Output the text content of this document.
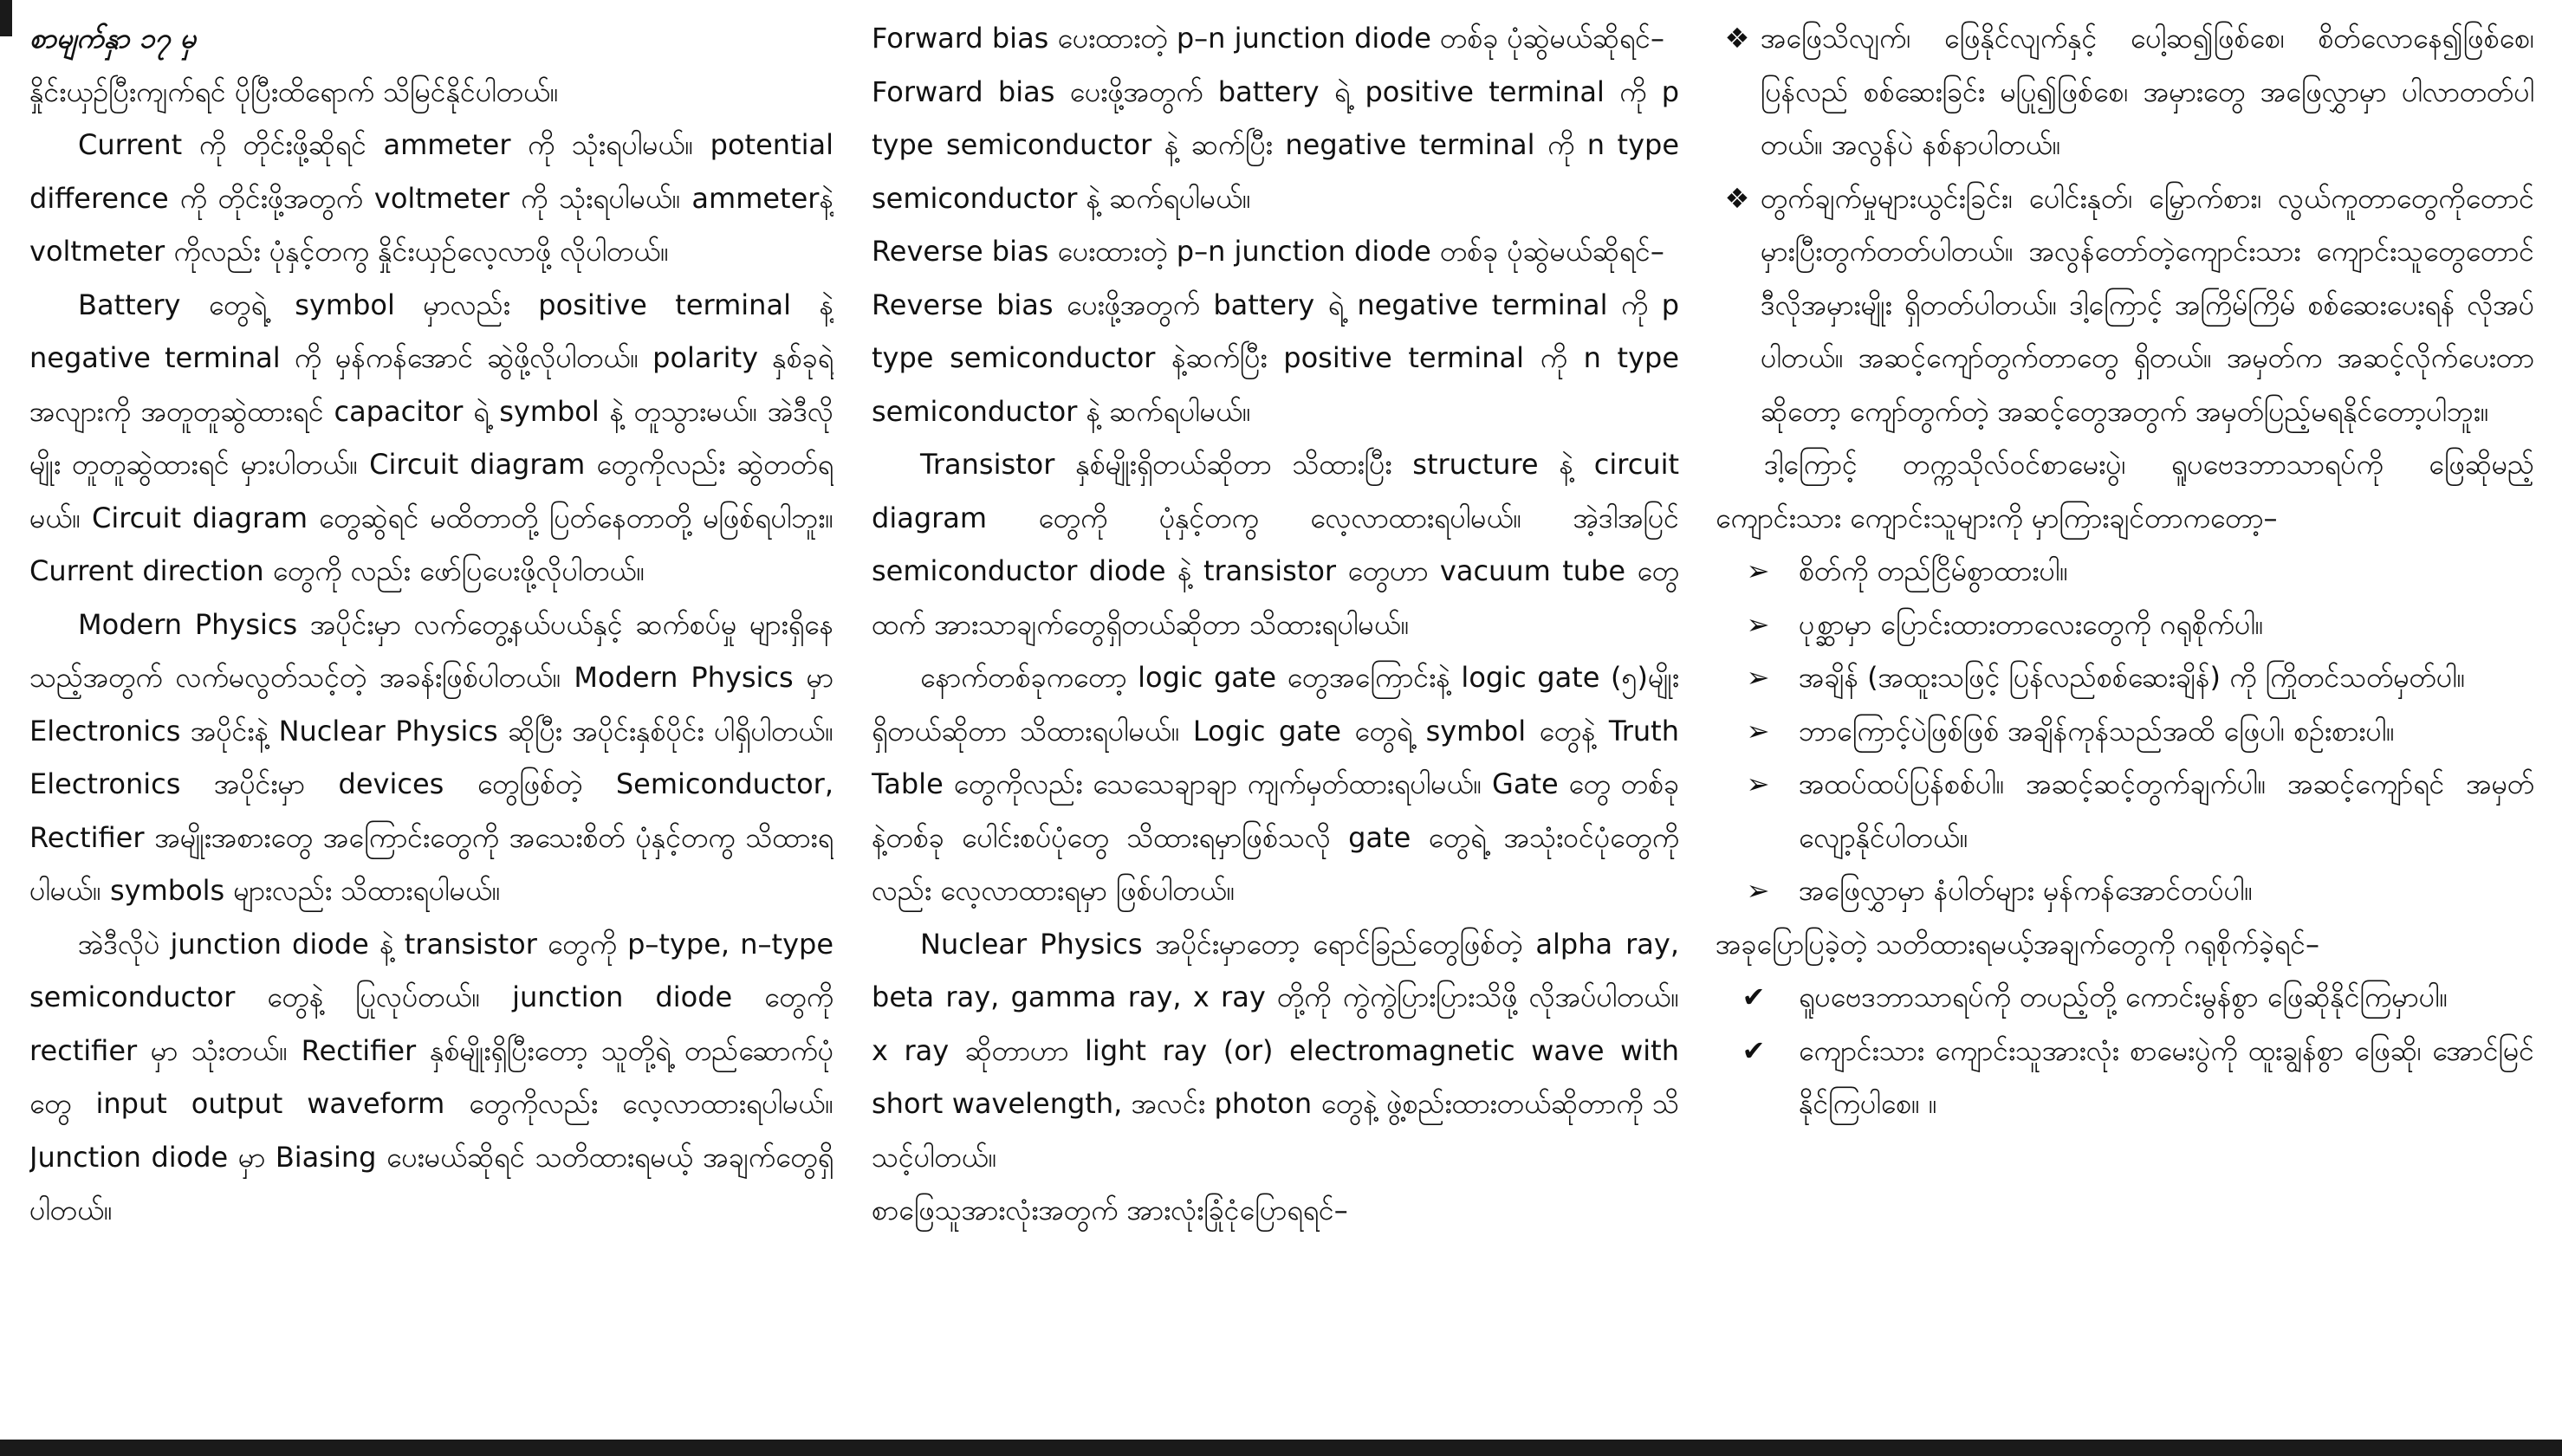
စာမျက်နှာ ၁၇ မှ

နှိုင်းယှဉ်ပြီးကျက်ရင် ပိုပြီးထိရောက် သိမြင်နိုင်ပါတယ်။

Current ကို တိုင်းဖို့ဆိုရင် ammeter ကို သုံးရပါမယ်။ potential difference ကို တိုင်းဖို့အတွက် voltmeter ကို သုံးရပါမယ်။ ammeterနဲ့ voltmeter ကိုလည်း ပုံနှင့်တကွ နှိုင်းယှဉ်လေ့လာဖို့ လိုပါတယ်။

Battery တွေရဲ့ symbol မှာလည်း positive terminal နဲ့ negative terminal ကို မှန်ကန်အောင် ဆွဲဖို့လိုပါတယ်။ polarity နှစ်ခုရဲ့အလျားကို အတူတူဆွဲထားရင် capacitor ရဲ့ symbol နဲ့ တူသွားမယ်။ အဲဒီလိုမျိုး တူတူဆွဲထားရင် မှားပါတယ်။ Circuit diagram တွေကိုလည်း ဆွဲတတ်ရမယ်။ Circuit diagram တွေဆွဲရင် မထိတာတို့ ပြတ်နေတာတို့ မဖြစ်ရပါဘူး။ Current direction တွေကို လည်း ဖော်ပြပေးဖို့လိုပါတယ်။

Modern Physics အပိုင်းမှာ လက်တွေ့နယ်ပယ်နှင့် ဆက်စပ်မှု များရှိနေသည့်အတွက် လက်မလွတ်သင့်တဲ့ အခန်းဖြစ်ပါတယ်။ Modern Physics မှာ Electronics အပိုင်းနဲ့ Nuclear Physics ဆိုပြီး အပိုင်းနှစ်ပိုင်း ပါရှိပါတယ်။ Electronics အပိုင်းမှာ devices တွေဖြစ်တဲ့ Semiconductor, Rectifier အမျိုးအစားတွေ အကြောင်းတွေကို အသေးစိတ် ပုံနှင့်တကွ သိထားရပါမယ်။ symbols များလည်း သိထားရပါမယ်။

အဲဒီလိုပဲ junction diode နဲ့ transistor တွေကို p–type, n–type semiconductor တွေနဲ့ ပြုလုပ်တယ်။ junction diode တွေကို rectifier မှာ သုံးတယ်။ Rectifier နှစ်မျိုးရှိပြီးတော့ သူတို့ရဲ့ တည်ဆောက်ပုံတွေ input output waveform တွေကိုလည်း လေ့လာထားရပါမယ်။ Junction diode မှာ Biasing ပေးမယ်ဆိုရင် သတိထားရမယ့် အချက်တွေရှိပါတယ်။

Forward bias ပေးထားတဲ့ p–n junction diode တစ်ခု ပုံဆွဲမယ်ဆိုရင်–

Forward bias ပေးဖို့အတွက် battery ရဲ့ positive terminal ကို p type semiconductor နဲ့ ဆက်ပြီး negative terminal ကို n type semiconductor နဲ့ ဆက်ရပါမယ်။

Reverse bias ပေးထားတဲ့ p–n junction diode တစ်ခု ပုံဆွဲမယ်ဆိုရင်–

Reverse bias ပေးဖို့အတွက် battery ရဲ့ negative terminal ကို p type semiconductor နဲ့ဆက်ပြီး positive terminal ကို n type semiconductor နဲ့ ဆက်ရပါမယ်။

Transistor နှစ်မျိုးရှိတယ်ဆိုတာ သိထားပြီး structure နဲ့ circuit diagram တွေကို ပုံနှင့်တကွ လေ့လာထားရပါမယ်။ အဲ့ဒါအပြင် semiconductor diode နဲ့ transistor တွေဟာ vacuum tube တွေထက် အားသာချက်တွေရှိတယ်ဆိုတာ သိထားရပါမယ်။

နောက်တစ်ခုကတော့ logic gate တွေအကြောင်းနဲ့ logic gate (၅)မျိုး ရှိတယ်ဆိုတာ သိထားရပါမယ်။ Logic gate တွေရဲ့ symbol တွေနဲ့ Truth Table တွေကိုလည်း သေသေချာချာ ကျက်မှတ်ထားရပါမယ်။ Gate တွေ တစ်ခုနဲ့တစ်ခု ပေါင်းစပ်ပုံတွေ သိထားရမှာဖြစ်သလို gate တွေရဲ့ အသုံးဝင်ပုံတွေကိုလည်း လေ့လာထားရမှာ ဖြစ်ပါတယ်။

Nuclear Physics အပိုင်းမှာတော့ ရောင်ခြည်တွေဖြစ်တဲ့ alpha ray, beta ray, gamma ray, x ray တို့ကို ကွဲကွဲပြားပြားသိဖို့ လိုအပ်ပါတယ်။ x ray ဆိုတာဟာ light ray (or) electromagnetic wave with short wavelength, အလင်း photon တွေနဲ့ ဖွဲ့စည်းထားတယ်ဆိုတာကို သိသင့်ပါတယ်။

စာဖြေသူအားလုံးအတွက် အားလုံးခြုံငုံပြောရရင်–

❖ အဖြေသိလျက်၊ ဖြေနိုင်လျက်နှင့် ပေါ့ဆ၍ဖြစ်စေ၊ စိတ်လောနေ၍ဖြစ်စေ၊ ပြန်လည် စစ်ဆေးခြင်း မပြု၍ဖြစ်စေ၊ အမှားတွေ အဖြေလွှာမှာ ပါလာတတ်ပါတယ်။ အလွန်ပဲ နစ်နာပါတယ်။
❖ တွက်ချက်မှုများယွင်းခြင်း၊ ပေါင်းနုတ်၊ မြှောက်စား၊ လွယ်ကူတာတွေကိုတောင် မှားပြီးတွက်တတ်ပါတယ်။ အလွန်တော်တဲ့ကျောင်းသား ကျောင်းသူတွေတောင် ဒီလိုအမှားမျိုး ရှိတတ်ပါတယ်။ ဒါ့ကြောင့် အကြိမ်ကြိမ် စစ်ဆေးပေးရန် လိုအပ်ပါတယ်။ အဆင့်ကျော်တွက်တာတွေ ရှိတယ်။ အမှတ်က အဆင့်လိုက်ပေးတာဆိုတော့ ကျော်တွက်တဲ့ အဆင့်တွေအတွက် အမှတ်ပြည့်မရနိုင်တော့ပါဘူး။

ဒါ့ကြောင့် တက္ကသိုလ်ဝင်စာမေးပွဲ၊ ရူပဗေဒဘာသာရပ်ကို ဖြေဆိုမည့် ကျောင်းသား ကျောင်းသူများကို မှာကြားချင်တာကတော့–

➢	စိတ်ကို တည်ငြိမ်စွာထားပါ။
➢	ပုစ္ဆာမှာ ပြောင်းထားတာလေးတွေကို ဂရုစိုက်ပါ။
➢	အချိန် (အထူးသဖြင့် ပြန်လည်စစ်ဆေးချိန်) ကို ကြိုတင်သတ်မှတ်ပါ။
➢	ဘာကြောင့်ပဲဖြစ်ဖြစ် အချိန်ကုန်သည်အထိ ဖြေပါ၊ စဉ်းစားပါ။
➢	အထပ်ထပ်ပြန်စစ်ပါ။ အဆင့်ဆင့်တွက်ချက်ပါ။ အဆင့်ကျော်ရင် အမှတ်လျော့နိုင်ပါတယ်။
➢	အဖြေလွှာမှာ နံပါတ်များ မှန်ကန်အောင်တပ်ပါ။

အခုပြောပြခဲ့တဲ့ သတိထားရမယ့်အချက်တွေကို ဂရုစိုက်ခဲ့ရင်–

✔	ရူပဗေဒဘာသာရပ်ကို တပည့်တို့ ကောင်းမွန်စွာ ဖြေဆိုနိုင်ကြမှာပါ။
✔	ကျောင်းသား ကျောင်းသူအားလုံး စာမေးပွဲကို ထူးချွန်စွာ ဖြေဆို၊ အောင်မြင်နိုင်ကြပါစေ။ ။
